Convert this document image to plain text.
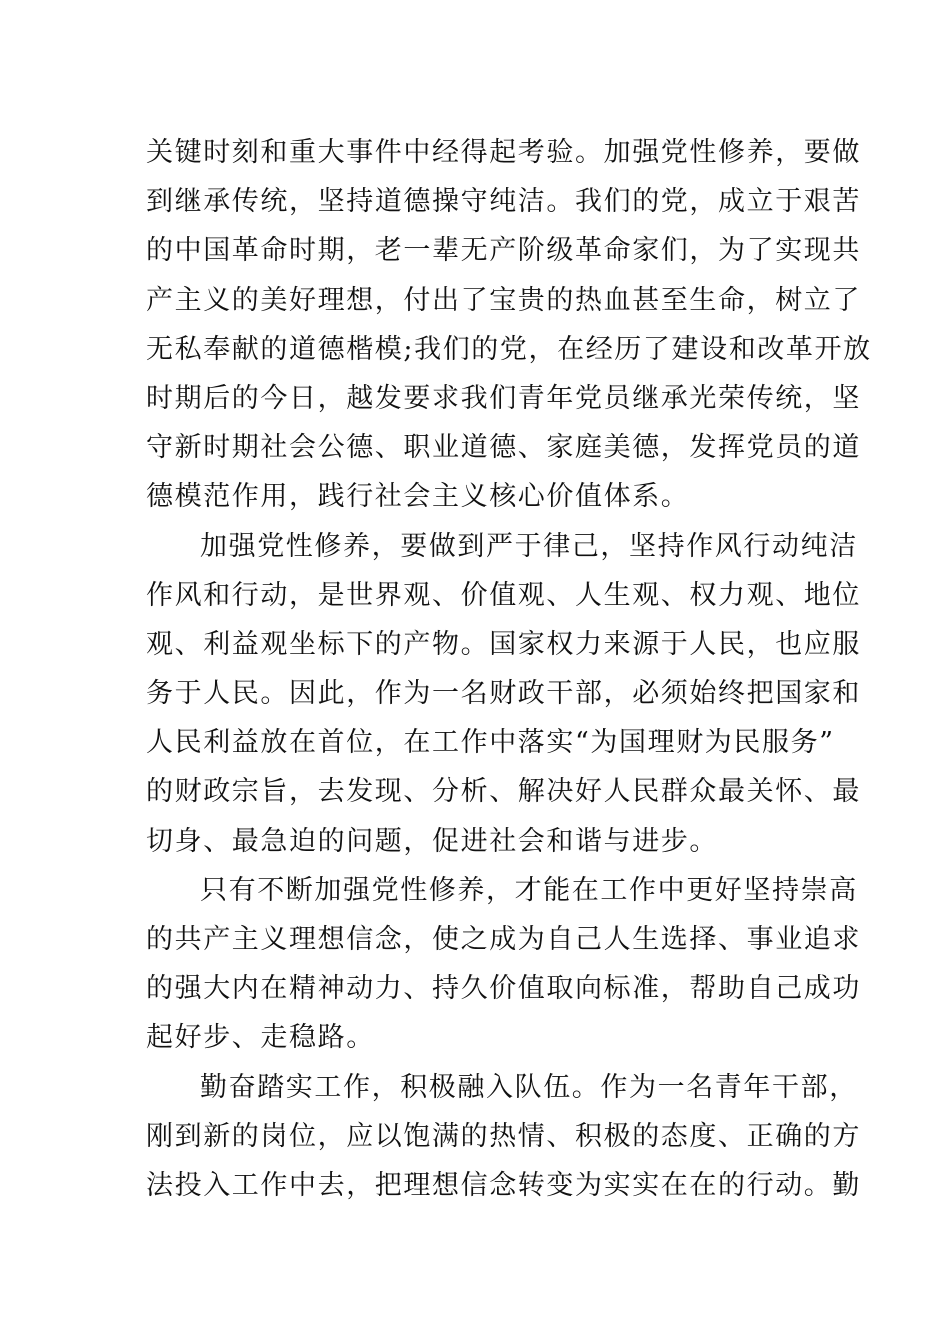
关键时刻和重大事件中经得起考验。加强党性修养，要做
到继承传统，坚持道德操守纯洁。我们的党，成立于艰苦
的中国革命时期，老一辈无产阶级革命家们，为了实现共
产主义的美好理想，付出了宝贵的热血甚至生命，树立了
无私奉献的道德楷模;我们的党，在经历了建设和改革开放
时期后的今日，越发要求我们青年党员继承光荣传统，坚
守新时期社会公德、职业道德、家庭美德，发挥党员的道
德模范作用，践行社会主义核心价值体系。
加强党性修养，要做到严于律己，坚持作风行动纯洁
作风和行动，是世界观、价值观、人生观、权力观、地位
观、利益观坐标下的产物。国家权力来源于人民，也应服
务于人民。因此，作为一名财政干部，必须始终把国家和
人民利益放在首位，在工作中落实“为国理财为民服务”
的财政宗旨，去发现、分析、解决好人民群众最关怀、最
切身、最急迫的问题，促进社会和谐与进步。
只有不断加强党性修养，才能在工作中更好坚持崇高
的共产主义理想信念，使之成为自己人生选择、事业追求
的强大内在精神动力、持久价值取向标准，帮助自己成功
起好步、走稳路。
勤奋踏实工作，积极融入队伍。作为一名青年干部，
刚到新的岗位，应以饱满的热情、积极的态度、正确的方
法投入工作中去，把理想信念转变为实实在在的行动。勤
